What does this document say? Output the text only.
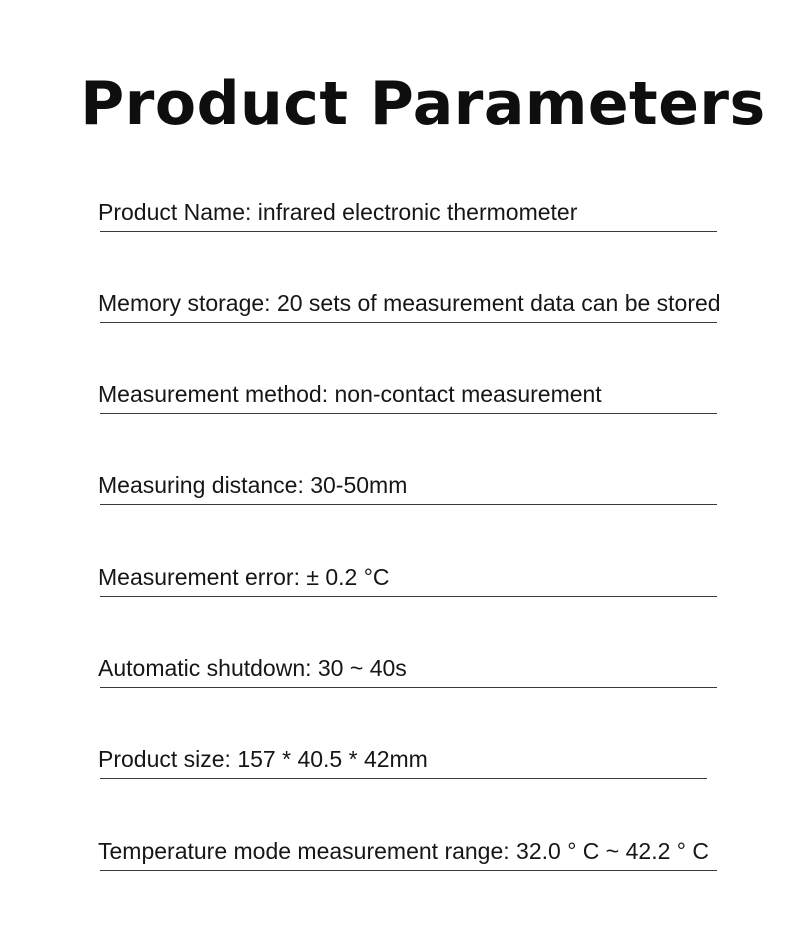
Product Parameters
Product Name: infrared electronic thermometer
Memory storage: 20 sets of measurement data can be stored
Measurement method: non-contact measurement
Measuring distance: 30-50mm
Measurement error: ± 0.2 °C
Automatic shutdown: 30 ~ 40s
Product size: 157 * 40.5 * 42mm
Temperature mode measurement range: 32.0 ° C ~ 42.2 ° C
